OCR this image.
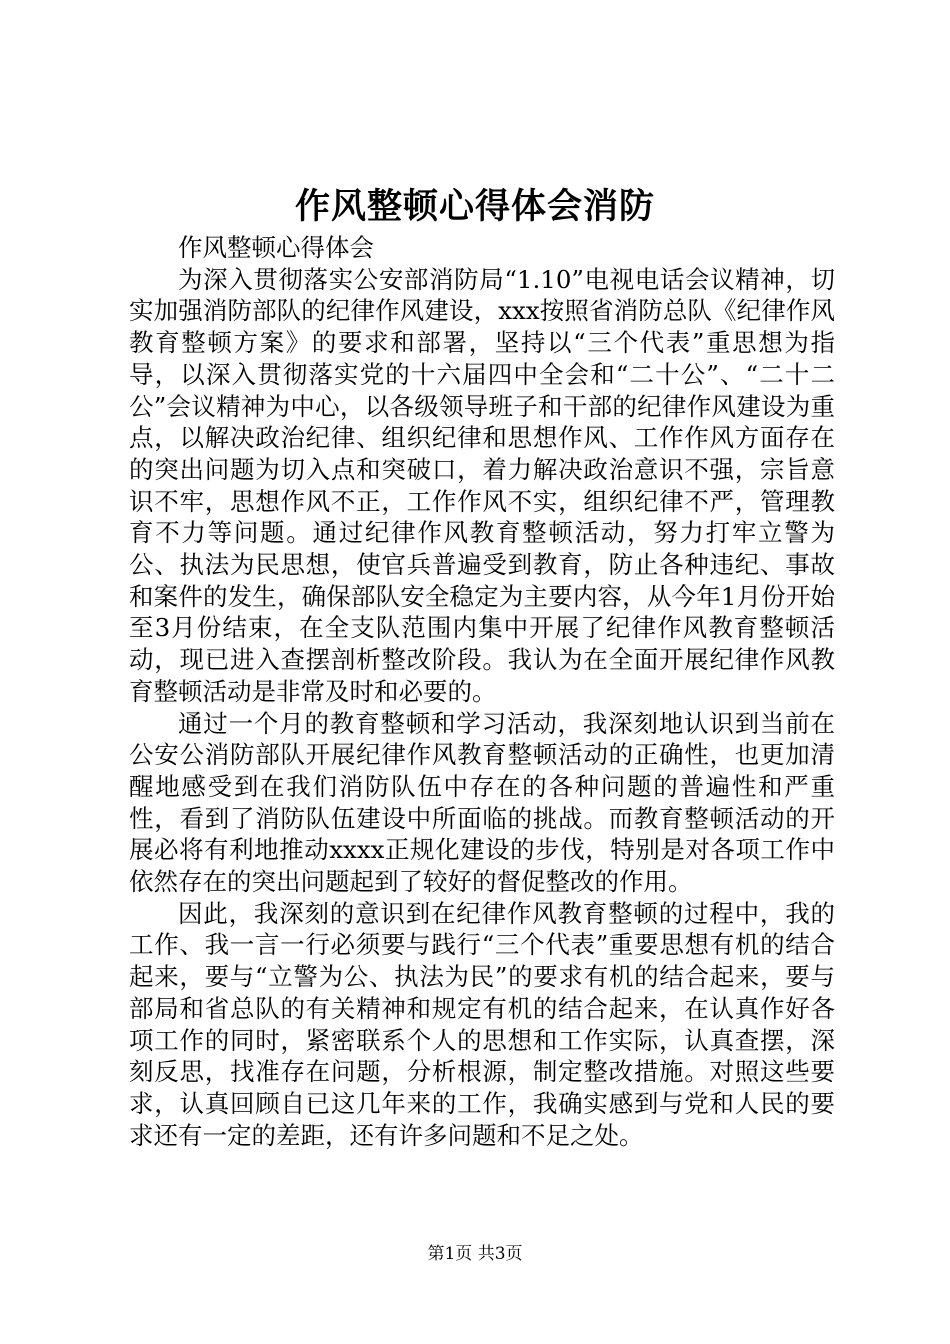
作风整顿心得体会消防

作风整顿心得体会

为深入贯彻落实公安部消防局“1.10”电视电话会议精神，切实加强消防部队的纪律作风建设，xxx按照省消防总队《纪律作风教育整顿方案》的要求和部署，坚持以“三个代表”重思想为指导，以深入贯彻落实党的十六届四中全会和“二十公”、“二十二公”会议精神为中心，以各级领导班子和干部的纪律作风建设为重点，以解决政治纪律、组织纪律和思想作风、工作作风方面存在的突出问题为切入点和突破口，着力解决政治意识不强，宗旨意识不牢，思想作风不正，工作作风不实，组织纪律不严，管理教育不力等问题。通过纪律作风教育整顿活动，努力打牢立警为公、执法为民思想，使官兵普遍受到教育，防止各种违纪、事故和案件的发生，确保部队安全稳定为主要内容，从今年1月份开始至3月份结束，在全支队范围内集中开展了纪律作风教育整顿活动，现已进入查摆剖析整改阶段。我认为在全面开展纪律作风教育整顿活动是非常及时和必要的。

通过一个月的教育整顿和学习活动，我深刻地认识到当前在公安公消防部队开展纪律作风教育整顿活动的正确性，也更加清醒地感受到在我们消防队伍中存在的各种问题的普遍性和严重性，看到了消防队伍建设中所面临的挑战。而教育整顿活动的开展必将有利地推动xxxx正规化建设的步伐，特别是对各项工作中依然存在的突出问题起到了较好的督促整改的作用。

因此，我深刻的意识到在纪律作风教育整顿的过程中，我的工作、我一言一行必须要与践行“三个代表”重要思想有机的结合起来，要与“立警为公、执法为民”的要求有机的结合起来，要与部局和省总队的有关精神和规定有机的结合起来，在认真作好各项工作的同时，紧密联系个人的思想和工作实际，认真查摆，深刻反思，找准存在问题，分析根源，制定整改措施。对照这些要求，认真回顾自已这几年来的工作，我确实感到与党和人民的要求还有一定的差距，还有许多问题和不足之处。

第1页 共3页
